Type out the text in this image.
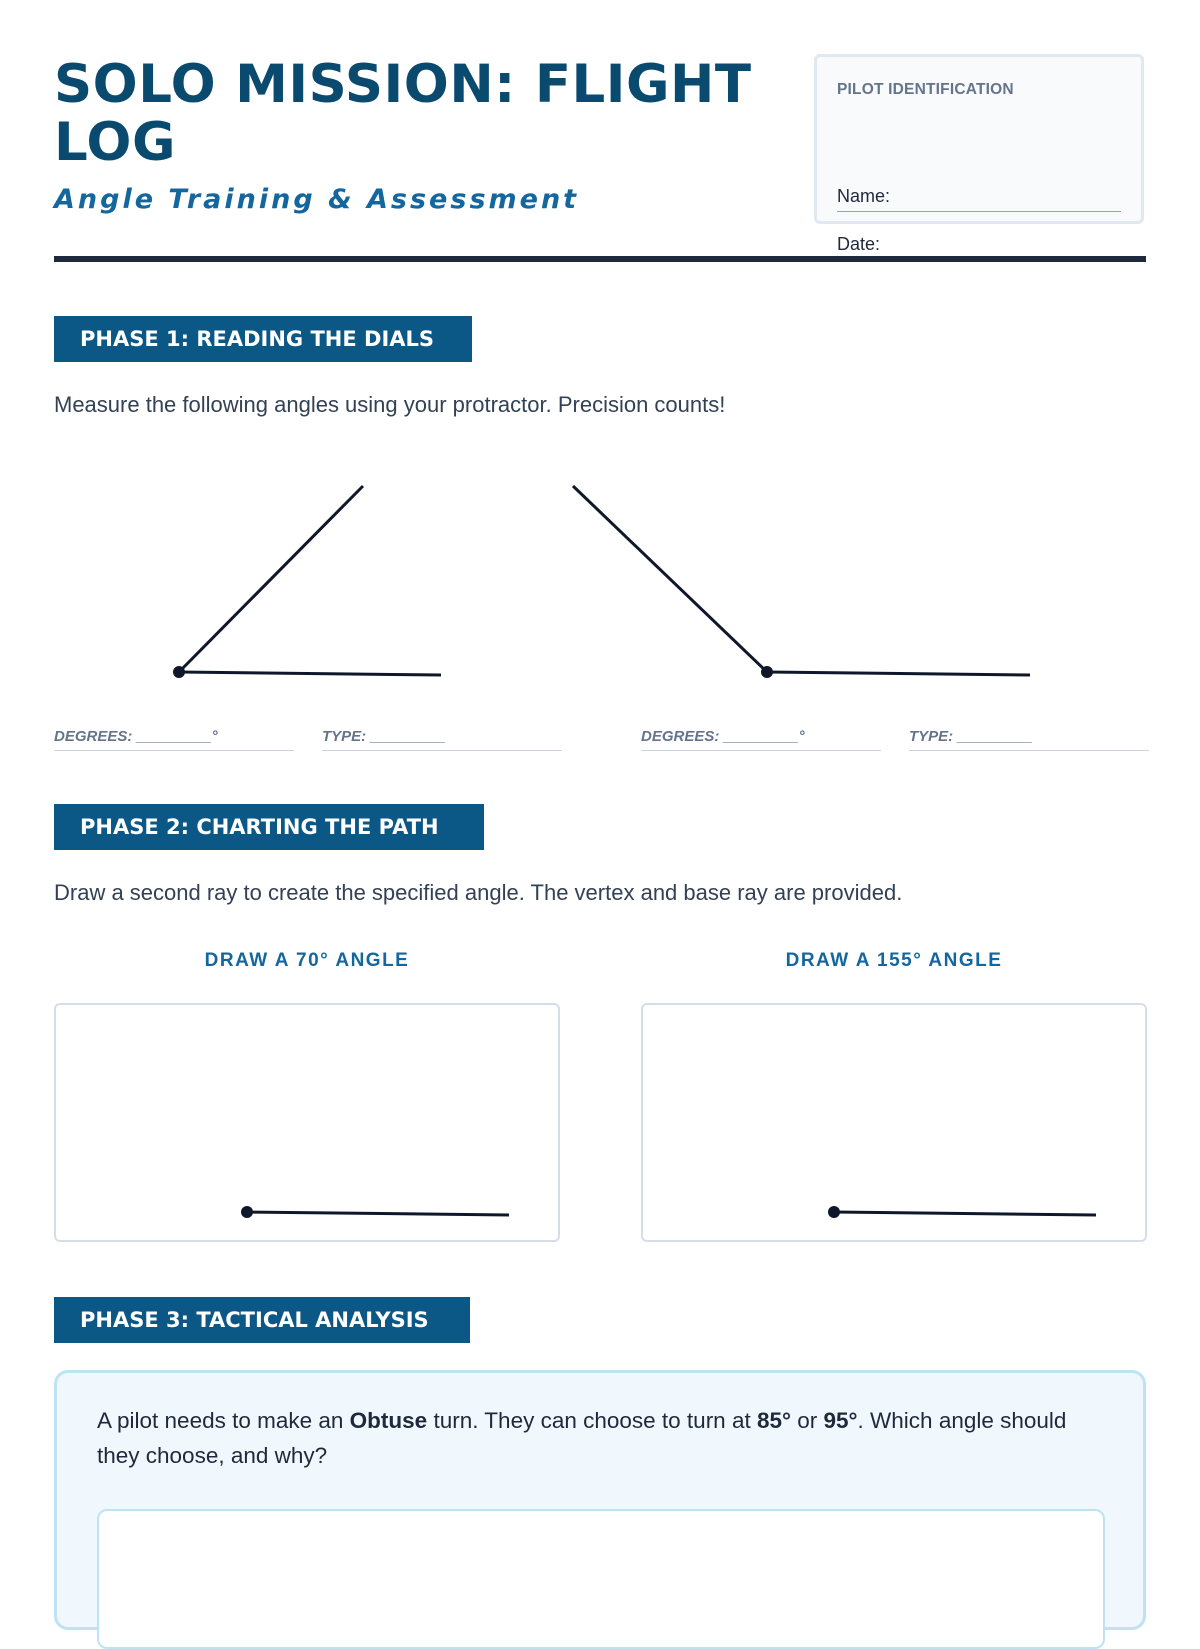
SOLO MISSION: FLIGHT LOG
Angle Training & Assessment
PILOT IDENTIFICATION
Name:
Date:
PHASE 1: READING THE DIALS
Measure the following angles using your protractor. Precision counts!
DEGREES: _________°	TYPE: _________	DEGREES: _________°	TYPE: _________
PHASE 2: CHARTING THE PATH
Draw a second ray to create the specified angle. The vertex and base ray are provided.
DRAW A 70° ANGLE	DRAW A 155° ANGLE
PHASE 3: TACTICAL ANALYSIS

A pilot needs to make an Obtuse turn. They can choose to turn at 85° or 95°. Which angle should they choose, and why?
